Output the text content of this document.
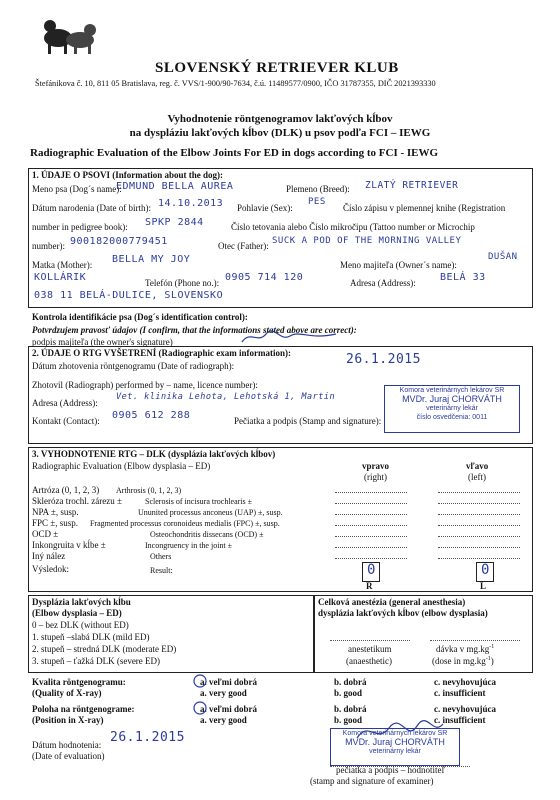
SLOVENSKÝ RETRIEVER KLUB
Štefánikova č. 10, 811 05 Bratislava, reg. č. VVS/1-900/90-7634, č.ú. 11489577/0900, IČO 31787355, DIČ 2021393330
Vyhodnotenie röntgenogramov lakťových kĺbov
na dyspláziu lakťových kĺbov (DLK) u psov podľa FCI – IEWG
Radiographic Evaluation of the Elbow Joints For ED in dogs according to FCI - IEWG
1. ÚDAJE O PSOVI (Information about the dog):
Meno psa (Dog´s name):
EDMUND BELLA AUREA	Plemeno (Breed): ZLATÝ RETRIEVER
Dátum narodenia (Date of birth): 14.10.2013 Pohlavie (Sex):
PES
Číslo zápisu v plemennej knihe (Registration
number in pedigree book): SPKP 2844	Číslo tetovania alebo Číslo mikročipu (Tattoo number or Microchip
number): 900182000779451	Otec (Father): SUCK A POD OF THE MORNING VALLEY
Matka (Mother): BELLA MY JOY	Meno majiteľa (Owner´s name):
DUŠAN
KOLLÁRIK	Telefón (Phone no.): 0905 714 120	Adresa (Address): BELÁ 33
038 11 BELÁ-DULICE, SLOVENSKO
Kontrola identifikácie psa (Dog´s identification control):
Potvrdzujem pravosť údajov (I confirm, that the informations stated above are correct):
podpis majiteľa (the owner's signature)
2. ÚDAJE O RTG VYŠETRENÍ (Radiographic exam information):
Dátum zhotovenia röntgenogramu (Date of radiograph):	26.1.2015
Zhotovil (Radiograph) performed by – name, licence number):
Adresa (Address):
Vet. klinika Lehota, Lehotská 1, Martin
Kontakt (Contact): 0905 612 288	Pečiatka a podpis (Stamp and signature):
Komora veterinárnych lekárov SR
MVDr. Juraj CHORVÁTH
veterinárny lekár
číslo osvedčenia: 0011
3. VYHODNOTENIE RTG – DLK (dysplázia lakťových kĺbov)
Radiographic Evaluation (Elbow dysplasia – ED)	vpravo
(right)
vľavo
(left)
Artróza (0, 1, 2, 3) Arthrosis (0, 1, 2, 3)
Skleróza trochl. zárezu ±	Sclerosis of incisura trochlearis ±
NPA ±, susp.	Ununited processus anconeus (UAP) ±, susp.
FPC ±, susp. Fragmented processus coronoideus medialis (FPC) ±, susp.
OCD ±	Osteochondritis dissecans (OCD) ±
Inkongruita v kĺbe ±	Incongruency in the joint ±
Iný nález	Others
Výsledok:	Result:	0
R
0
L
Dysplázia lakťových kĺbu
(Elbow dysplasia – ED)
0 – bez DLK (without ED)
1. stupeň –slabá DLK (mild ED)
2. stupeň – stredná DLK (moderate ED)
3. stupeň – ťažká DLK (severe ED)
Celková anestézia (general anesthesia)
dysplázia lakťových kĺbov (elbow dysplasia)
anestetikum
(anaesthetic)
dávka v $mg.kg^{-1}$
(dose in $mg.kg^{-1}$)
Kvalita röntgenogramu:
(Quality of X-ray)
a. veľmi dobrá
a. very good
b. dobrá
b. good
c. nevyhovujúca
c. insufficient
Poloha na röntgenograme:
(Position in X-ray)
a. veľmi dobrá
a. very good
b. dobrá
b. good
c. nevyhovujúca
c. insufficient
Dátum hodnotenia: 26.1.2015
(Date of evaluation)
Komora veterinárnych lekárov SR
MVDr. Juraj CHORVÁTH
veterinárny lekár
pečiatka a podpis – hodnotiteľ
(stamp and signature of examiner)
